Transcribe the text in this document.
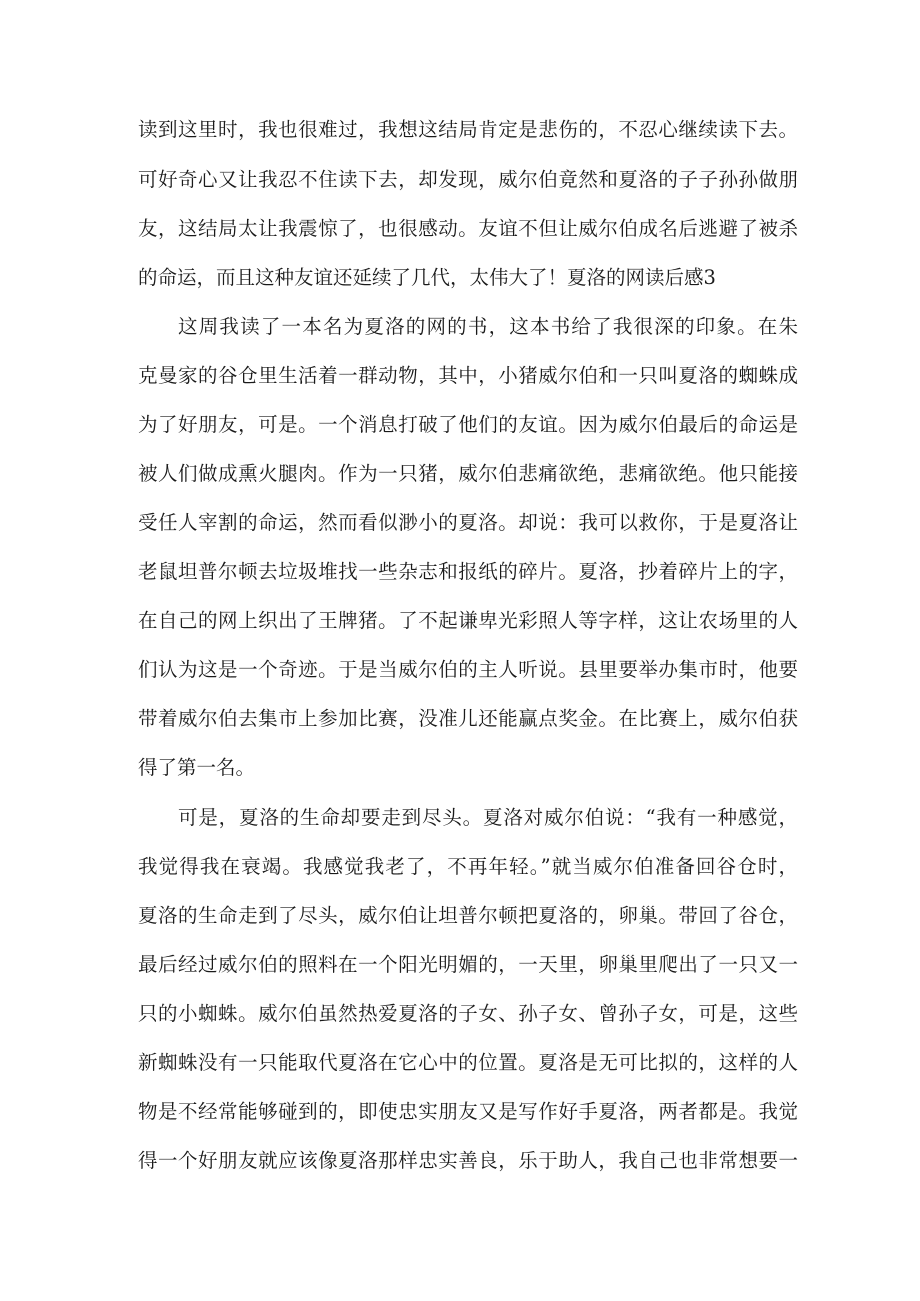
读到这里时，我也很难过，我想这结局肯定是悲伤的，不忍心继续读下去。

可好奇心又让我忍不住读下去，却发现，威尔伯竟然和夏洛的子子孙孙做朋

友，这结局太让我震惊了，也很感动。友谊不但让威尔伯成名后逃避了被杀

的命运，而且这种友谊还延续了几代，太伟大了！夏洛的网读后感3

这周我读了一本名为夏洛的网的书，这本书给了我很深的印象。在朱

克曼家的谷仓里生活着一群动物，其中，小猪威尔伯和一只叫夏洛的蜘蛛成

为了好朋友，可是。一个消息打破了他们的友谊。因为威尔伯最后的命运是

被人们做成熏火腿肉。作为一只猪，威尔伯悲痛欲绝，悲痛欲绝。他只能接

受任人宰割的命运，然而看似渺小的夏洛。却说：我可以救你，于是夏洛让

老鼠坦普尔顿去垃圾堆找一些杂志和报纸的碎片。夏洛，抄着碎片上的字，

在自己的网上织出了王牌猪。了不起谦卑光彩照人等字样，这让农场里的人

们认为这是一个奇迹。于是当威尔伯的主人听说。县里要举办集市时，他要

带着威尔伯去集市上参加比赛，没准儿还能赢点奖金。在比赛上，威尔伯获

得了第一名。

可是，夏洛的生命却要走到尽头。夏洛对威尔伯说：“我有一种感觉，

我觉得我在衰竭。我感觉我老了，不再年轻。”就当威尔伯准备回谷仓时，

夏洛的生命走到了尽头，威尔伯让坦普尔顿把夏洛的，卵巢。带回了谷仓，

最后经过威尔伯的照料在一个阳光明媚的，一天里，卵巢里爬出了一只又一

只的小蜘蛛。威尔伯虽然热爱夏洛的子女、孙子女、曾孙子女，可是，这些

新蜘蛛没有一只能取代夏洛在它心中的位置。夏洛是无可比拟的，这样的人

物是不经常能够碰到的，即使忠实朋友又是写作好手夏洛，两者都是。我觉

得一个好朋友就应该像夏洛那样忠实善良，乐于助人，我自己也非常想要一
